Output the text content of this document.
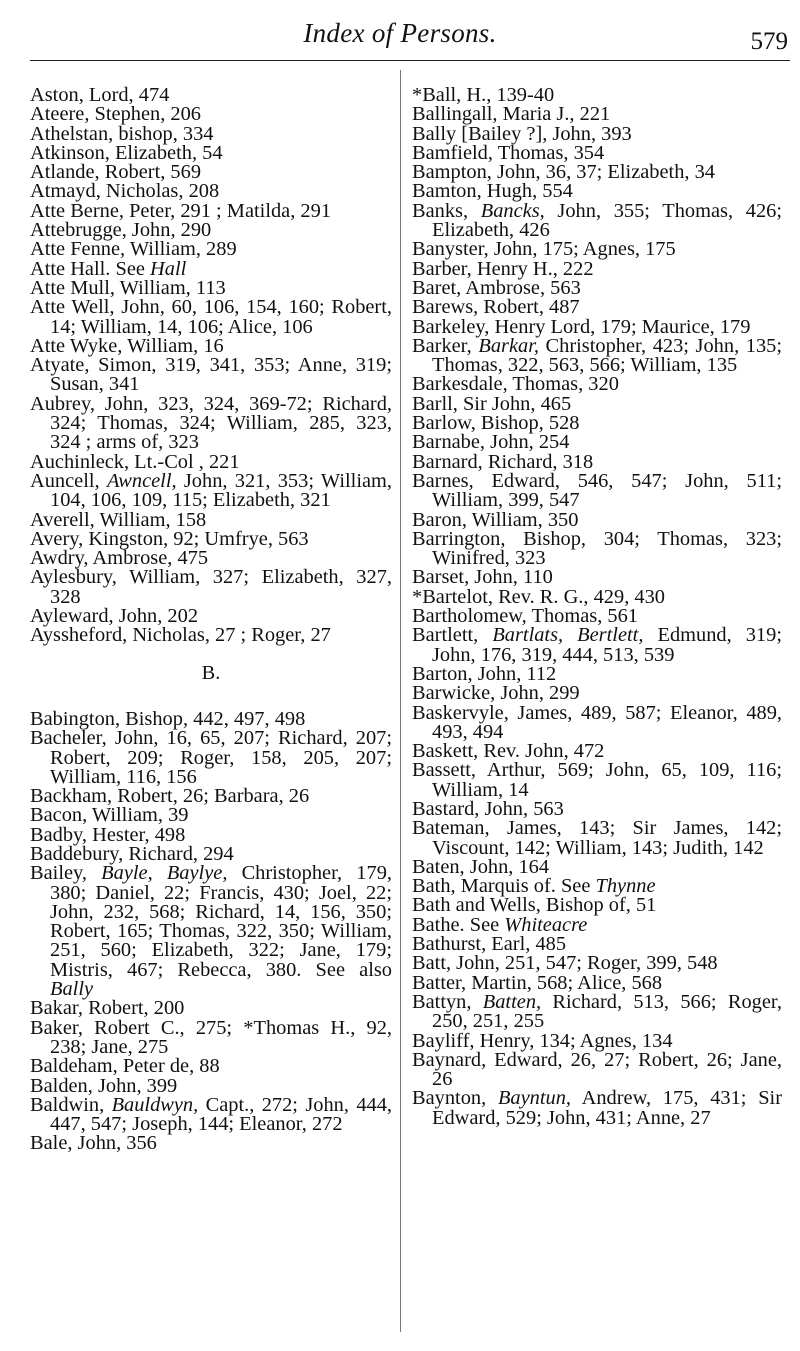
Index of Persons.	579

Aston, Lord, 474

Ateere, Stephen, 206

Athelstan, bishop, 334

Atkinson, Elizabeth, 54

Atlande, Robert, 569

Atmayd, Nicholas, 208

Atte Berne, Peter, 291 ; Matilda, 291

Attebrugge, John, 290

Atte Fenne, William, 289

Atte Hall. See Hall

Atte Mull, William, 113

Atte Well, John, 60, 106, 154, 160; Robert, 14; William, 14, 106; Alice, 106

Atte Wyke, William, 16

Atyate, Simon, 319, 341, 353; Anne, 319; Susan, 341

Aubrey, John, 323, 324, 369-72; Richard, 324; Thomas, 324; William, 285, 323, 324 ; arms of, 323

Auchinleck, Lt.-Col , 221

Auncell, Awncell, John, 321, 353; William, 104, 106, 109, 115; Elizabeth, 321

Averell, William, 158

Avery, Kingston, 92; Umfrye, 563

Awdry, Ambrose, 475

Aylesbury, William, 327; Elizabeth, 327, 328

Ayleward, John, 202

Ayssheford, Nicholas, 27 ; Roger, 27

B.

Babington, Bishop, 442, 497, 498

Bacheler, John, 16, 65, 207; Richard, 207; Robert, 209; Roger, 158, 205, 207; William, 116, 156

Backham, Robert, 26; Barbara, 26

Bacon, William, 39

Badby, Hester, 498

Baddebury, Richard, 294

Bailey, Bayle, Baylye, Christopher, 179, 380; Daniel, 22; Francis, 430; Joel, 22; John, 232, 568; Richard, 14, 156, 350; Robert, 165; Thomas, 322, 350; William, 251, 560; Elizabeth, 322; Jane, 179; Mistris, 467; Rebecca, 380. See also Bally

Bakar, Robert, 200

Baker, Robert C., 275; *Thomas H., 92, 238; Jane, 275

Baldeham, Peter de, 88

Balden, John, 399

Baldwin, Bauldwyn, Capt., 272; John, 444, 447, 547; Joseph, 144; Eleanor, 272

Bale, John, 356

*Ball, H., 139-40

Ballingall, Maria J., 221

Bally [Bailey ?], John, 393

Bamfield, Thomas, 354

Bampton, John, 36, 37; Elizabeth, 34

Bamton, Hugh, 554

Banks, Bancks, John, 355; Thomas, 426; Elizabeth, 426

Banyster, John, 175; Agnes, 175

Barber, Henry H., 222

Baret, Ambrose, 563

Barews, Robert, 487

Barkeley, Henry Lord, 179; Maurice, 179

Barker, Barkar, Christopher, 423; John, 135; Thomas, 322, 563, 566; William, 135

Barkesdale, Thomas, 320

Barll, Sir John, 465

Barlow, Bishop, 528

Barnabe, John, 254

Barnard, Richard, 318

Barnes, Edward, 546, 547; John, 511; William, 399, 547

Baron, William, 350

Barrington, Bishop, 304; Thomas, 323; Winifred, 323

Barset, John, 110

*Bartelot, Rev. R. G., 429, 430

Bartholomew, Thomas, 561

Bartlett, Bartlats, Bertlett, Edmund, 319; John, 176, 319, 444, 513, 539

Barton, John, 112

Barwicke, John, 299

Baskervyle, James, 489, 587; Eleanor, 489, 493, 494

Baskett, Rev. John, 472

Bassett, Arthur, 569; John, 65, 109, 116; William, 14

Bastard, John, 563

Bateman, James, 143; Sir James, 142; Viscount, 142; William, 143; Judith, 142

Baten, John, 164

Bath, Marquis of. See Thynne

Bath and Wells, Bishop of, 51

Bathe. See Whiteacre

Bathurst, Earl, 485

Batt, John, 251, 547; Roger, 399, 548

Batter, Martin, 568; Alice, 568

Battyn, Batten, Richard, 513, 566; Roger, 250, 251, 255

Bayliff, Henry, 134; Agnes, 134

Baynard, Edward, 26, 27; Robert, 26; Jane, 26

Baynton, Bayntun, Andrew, 175, 431; Sir Edward, 529; John, 431; Anne, 27
